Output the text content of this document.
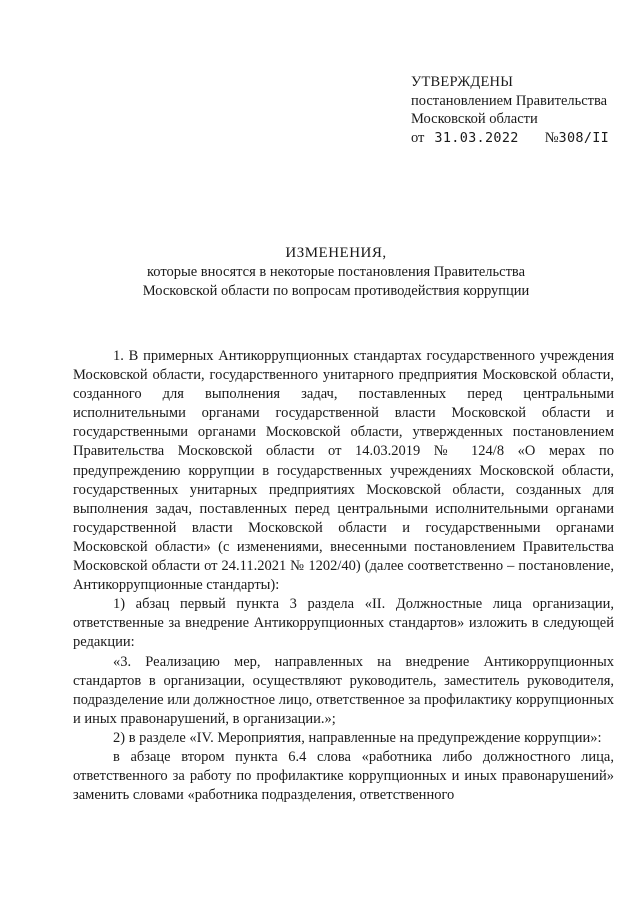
УТВЕРЖДЕНЫ
постановлением Правительства
Московской области
от 31.03.2022 №308/II
ИЗМЕНЕНИЯ,
которые вносятся в некоторые постановления Правительства
Московской области по вопросам противодействия коррупции

1. В примерных Антикоррупционных стандартах государственного учреждения Московской области, государственного унитарного предприятия Московской области, созданного для выполнения задач, поставленных перед центральными исполнительными органами государственной власти Московской области и государственными органами Московской области, утвержденных постановлением Правительства Московской области от 14.03.2019 № 124/8 «О мерах по предупреждению коррупции в государственных учреждениях Московской области, государственных унитарных предприятиях Московской области, созданных для выполнения задач, поставленных перед центральными исполнительными органами государственной власти Московской области и государственными органами Московской области» (с изменениями, внесенными постановлением Правительства Московской области от 24.11.2021 № 1202/40) (далее соответственно – постановление, Антикоррупционные стандарты):

1) абзац первый пункта 3 раздела «II. Должностные лица организации, ответственные за внедрение Антикоррупционных стандартов» изложить в следующей редакции:

«3. Реализацию мер, направленных на внедрение Антикоррупционных стандартов в организации, осуществляют руководитель, заместитель руководителя, подразделение или должностное лицо, ответственное за профилактику коррупционных и иных правонарушений, в организации.»;

2) в разделе «IV. Мероприятия, направленные на предупреждение коррупции»:

в абзаце втором пункта 6.4 слова «работника либо должностного лица, ответственного за работу по профилактике коррупционных и иных правонарушений» заменить словами «работника подразделения, ответственного
